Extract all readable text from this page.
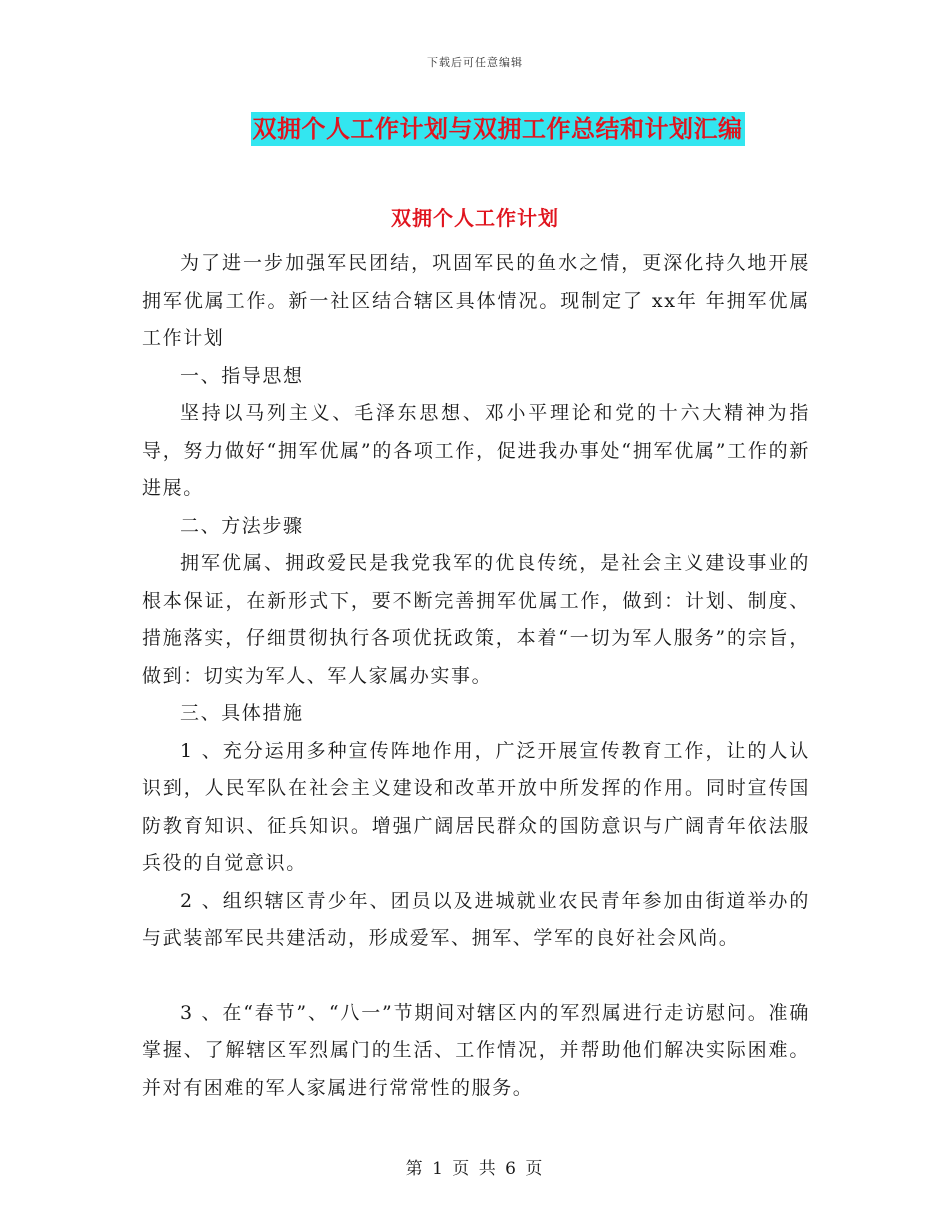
下载后可任意编辑
双拥个人工作计划与双拥工作总结和计划汇编
双拥个人工作计划

为了进一步加强军民团结，巩固军民的鱼水之情，更深化持久地开展拥军优属工作。新一社区结合辖区具体情况。现制定了 xx年 年拥军优属工作计划

一、指导思想

坚持以马列主义、毛泽东思想、邓小平理论和党的十六大精神为指导，努力做好“拥军优属”的各项工作，促进我办事处“拥军优属”工作的新进展。

二、方法步骤

拥军优属、拥政爱民是我党我军的优良传统，是社会主义建设事业的根本保证，在新形式下，要不断完善拥军优属工作，做到：计划、制度、措施落实，仔细贯彻执行各项优抚政策，本着“一切为军人服务”的宗旨，做到：切实为军人、军人家属办实事。

三、具体措施

1 、充分运用多种宣传阵地作用，广泛开展宣传教育工作，让的人认识到，人民军队在社会主义建设和改革开放中所发挥的作用。同时宣传国防教育知识、征兵知识。增强广阔居民群众的国防意识与广阔青年依法服兵役的自觉意识。

2 、组织辖区青少年、团员以及进城就业农民青年参加由街道举办的与武装部军民共建活动，形成爱军、拥军、学军的良好社会风尚。

3 、在“春节”、“八一”节期间对辖区内的军烈属进行走访慰问。准确掌握、了解辖区军烈属门的生活、工作情况，并帮助他们解决实际困难。并对有困难的军人家属进行常常性的服务。

第 1 页 共 6 页
